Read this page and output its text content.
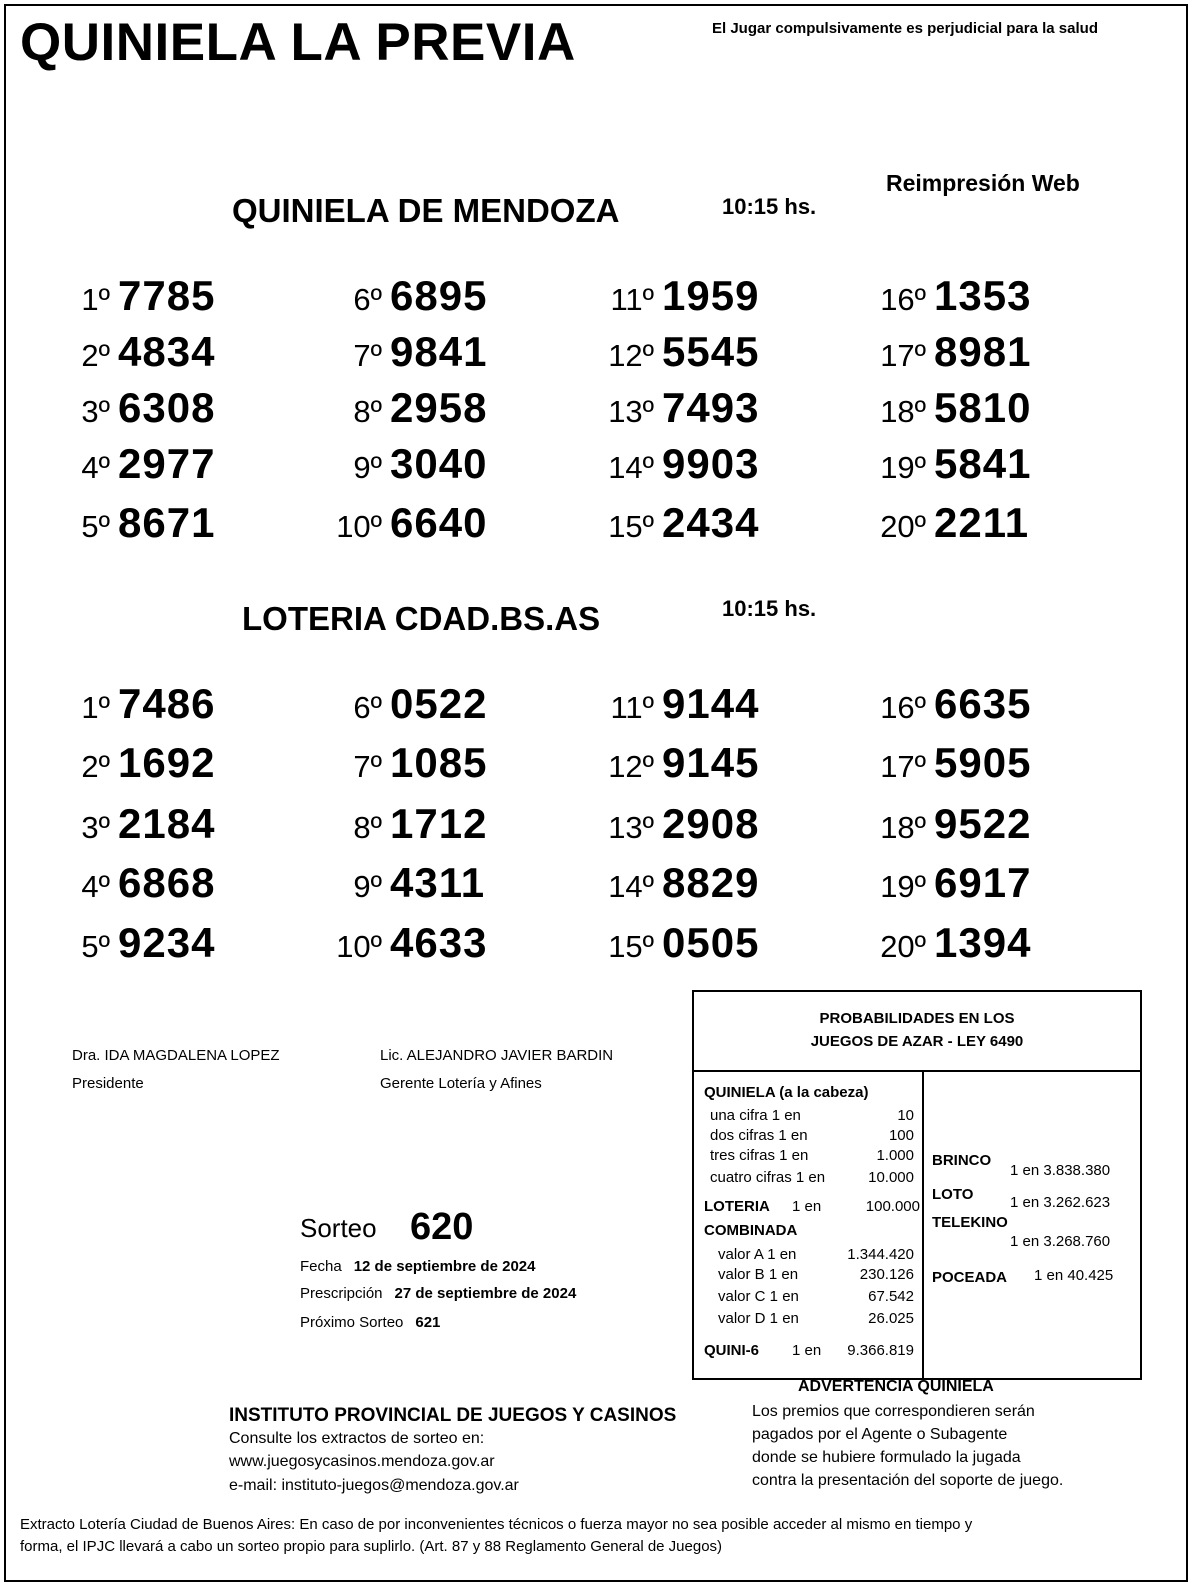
QUINIELA LA PREVIA	El Jugar compulsivamente es perjudicial para la salud
Reimpresión Web
QUINIELA DE MENDOZA	10:15 hs.
1º 7785
2º 4834
3º 6308
4º 2977
5º 8671
6º 6895
7º 9841
8º 2958
9º 3040
10º 6640
11º 1959
12º 5545
13º 7493
14º 9903
15º 2434
16º 1353
17º 8981
18º 5810
19º 5841
20º 2211
LOTERIA CDAD.BS.AS	10:15 hs.
1º 7486
2º 1692
3º 2184
4º 6868
5º 9234
6º 0522
7º 1085
8º 1712
9º 4311
10º 4633
11º 9144
12º 9145
13º 2908
14º 8829
15º 0505
16º 6635
17º 5905
18º 9522
19º 6917
20º 1394
Dra. IDA MAGDALENA LOPEZ
Presidente
Lic. ALEJANDRO JAVIER BARDIN
Gerente Lotería y Afines
Sorteo 620
Fecha 12 de septiembre de 2024
Prescripción 27 de septiembre de 2024
Próximo Sorteo 621
PROBABILIDADES EN LOS
JUEGOS DE AZAR - LEY 6490
QUINIELA (a la cabeza)
una cifra 1 en	10
dos cifras 1 en	100
tres cifras 1 en	1.000
cuatro cifras 1 en	10.000
LOTERIA 1 en	100.000
COMBINADA
valor A 1 en	1.344.420
valor B 1 en	230.126
valor C 1 en	67.542
valor D 1 en	26.025
QUINI-6 1 en	9.366.819
BRINCO
1 en 3.838.380
LOTO 1 en 3.262.623
TELEKINO
1 en 3.268.760
POCEADA 1 en 40.425
INSTITUTO PROVINCIAL DE JUEGOS Y CASINOS
Consulte los extractos de sorteo en:
www.juegosycasinos.mendoza.gov.ar
e-mail: instituto-juegos@mendoza.gov.ar
ADVERTENCIA QUINIELA
Los premios que correspondieren serán
pagados por el Agente o Subagente
donde se hubiere formulado la jugada
contra la presentación del soporte de juego.
Extracto Lotería Ciudad de Buenos Aires: En caso de por inconvenientes técnicos o fuerza mayor no sea posible acceder al mismo en tiempo y
forma, el IPJC llevará a cabo un sorteo propio para suplirlo. (Art. 87 y 88 Reglamento General de Juegos)
